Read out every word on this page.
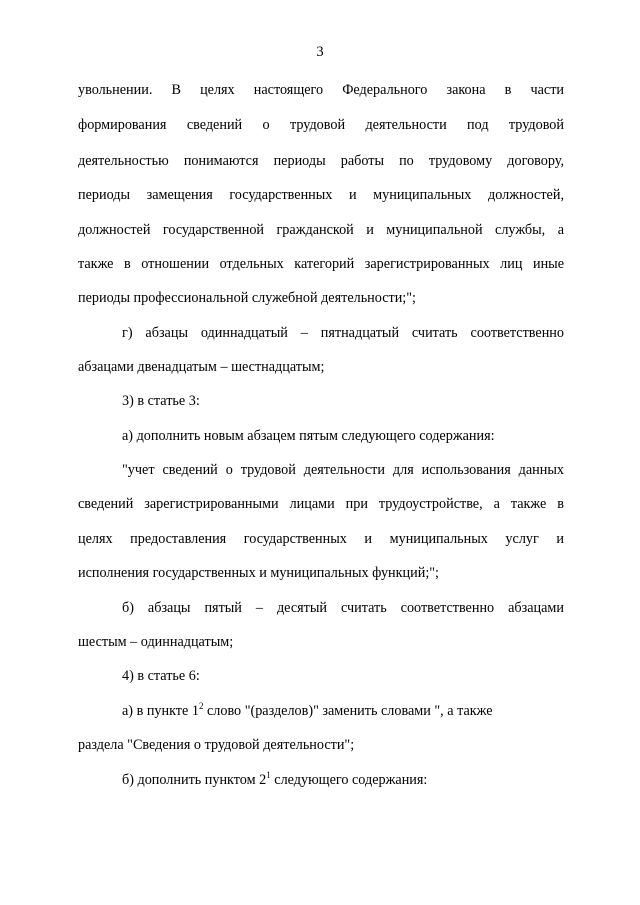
3
увольнении. В целях настоящего Федерального закона в части
формирования сведений о трудовой деятельности под трудовой
деятельностью понимаются периоды работы по трудовому договору,
периоды замещения государственных и муниципальных должностей,
должностей государственной гражданской и муниципальной службы, а
также в отношении отдельных категорий зарегистрированных лиц иные
периоды профессиональной служебной деятельности;";
г) абзацы одиннадцатый – пятнадцатый считать соответственно
абзацами двенадцатым – шестнадцатым;
3) в статье 3:
а) дополнить новым абзацем пятым следующего содержания:
"учет сведений о трудовой деятельности для использования данных
сведений зарегистрированными лицами при трудоустройстве, а также в
целях предоставления государственных и муниципальных услуг и
исполнения государственных и муниципальных функций;";
б) абзацы пятый – десятый считать соответственно абзацами
шестым – одиннадцатым;
4) в статье 6:
а) в пункте $1^2$ слово "(разделов)" заменить словами ", а также
раздела "Сведения о трудовой деятельности";
б) дополнить пунктом $2^1$ следующего содержания:
